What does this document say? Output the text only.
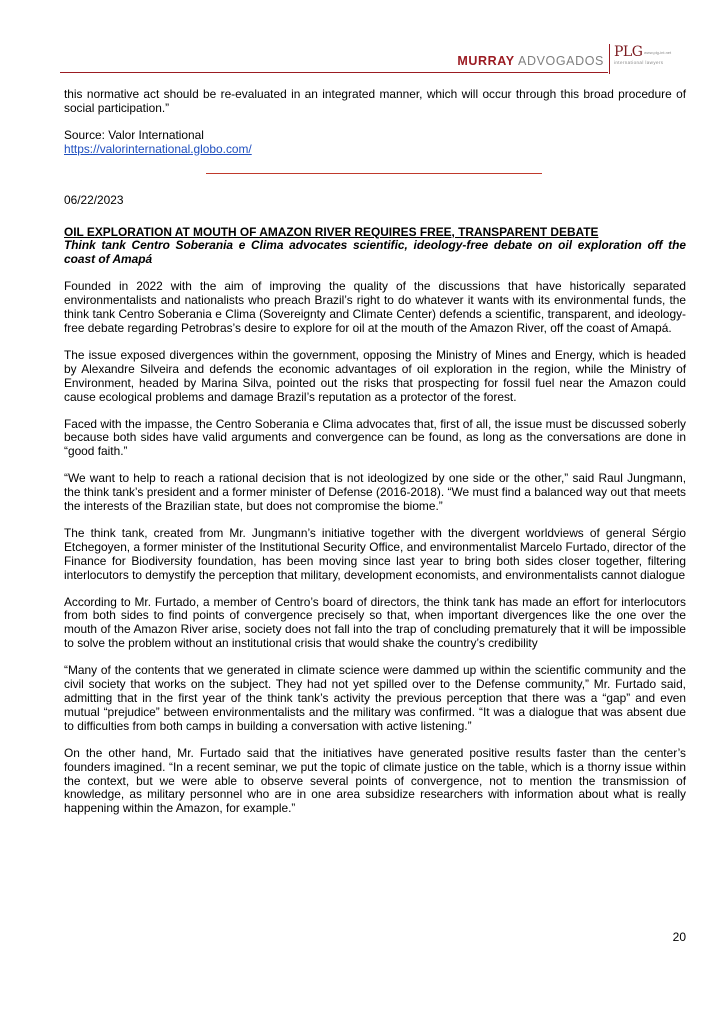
MURRAY ADVOGADOS
PLG www.plg-int.net
international lawyers

this normative act should be re-evaluated in an integrated manner, which will occur through this broad procedure of social participation.”

Source: Valor International

https://valorinternational.globo.com/

06/22/2023

OIL EXPLORATION AT MOUTH OF AMAZON RIVER REQUIRES FREE, TRANSPARENT DEBATE

Think tank Centro Soberania e Clima advocates scientific, ideology-free debate on oil exploration off the coast of Amapá

Founded in 2022 with the aim of improving the quality of the discussions that have historically separated environmentalists and nationalists who preach Brazil’s right to do whatever it wants with its environmental funds, the think tank Centro Soberania e Clima (Sovereignty and Climate Center) defends a scientific, transparent, and ideology-free debate regarding Petrobras’s desire to explore for oil at the mouth of the Amazon River, off the coast of Amapá.

The issue exposed divergences within the government, opposing the Ministry of Mines and Energy, which is headed by Alexandre Silveira and defends the economic advantages of oil exploration in the region, while the Ministry of Environment, headed by Marina Silva, pointed out the risks that prospecting for fossil fuel near the Amazon could cause ecological problems and damage Brazil’s reputation as a protector of the forest.

Faced with the impasse, the Centro Soberania e Clima advocates that, first of all, the issue must be discussed soberly because both sides have valid arguments and convergence can be found, as long as the conversations are done in “good faith.”

“We want to help to reach a rational decision that is not ideologized by one side or the other,” said Raul Jungmann, the think tank’s president and a former minister of Defense (2016-2018). “We must find a balanced way out that meets the interests of the Brazilian state, but does not compromise the biome.”

The think tank, created from Mr. Jungmann’s initiative together with the divergent worldviews of general Sérgio Etchegoyen, a former minister of the Institutional Security Office, and environmentalist Marcelo Furtado, director of the Finance for Biodiversity foundation, has been moving since last year to bring both sides closer together, filtering interlocutors to demystify the perception that military, development economists, and environmentalists cannot dialogue

According to Mr. Furtado, a member of Centro’s board of directors, the think tank has made an effort for interlocutors from both sides to find points of convergence precisely so that, when important divergences like the one over the mouth of the Amazon River arise, society does not fall into the trap of concluding prematurely that it will be impossible to solve the problem without an institutional crisis that would shake the country’s credibility

“Many of the contents that we generated in climate science were dammed up within the scientific community and the civil society that works on the subject. They had not yet spilled over to the Defense community,” Mr. Furtado said, admitting that in the first year of the think tank’s activity the previous perception that there was a “gap” and even mutual “prejudice” between environmentalists and the military was confirmed. “It was a dialogue that was absent due to difficulties from both camps in building a conversation with active listening.”

On the other hand, Mr. Furtado said that the initiatives have generated positive results faster than the center’s founders imagined. “In a recent seminar, we put the topic of climate justice on the table, which is a thorny issue within the context, but we were able to observe several points of convergence, not to mention the transmission of knowledge, as military personnel who are in one area subsidize researchers with information about what is really happening within the Amazon, for example.”

20
